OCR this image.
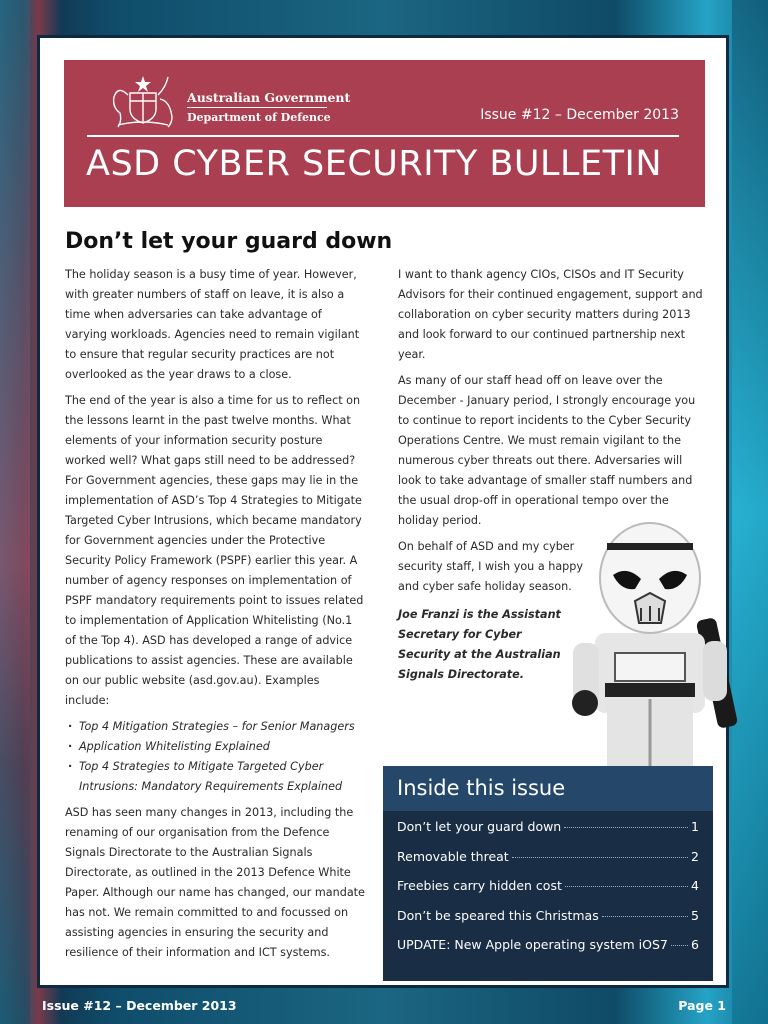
Australian Government
Department of Defence	Issue #12 – December 2013
ASD CYBER SECURITY BULLETIN
Don’t let your guard down

The holiday season is a busy time of year. However, with greater numbers of staff on leave, it is also a time when adversaries can take advantage of varying workloads. Agencies need to remain vigilant to ensure that regular security practices are not overlooked as the year draws to a close.

The end of the year is also a time for us to reflect on the lessons learnt in the past twelve months. What elements of your information security posture worked well? What gaps still need to be addressed? For Government agencies, these gaps may lie in the implementation of ASD’s Top 4 Strategies to Mitigate Targeted Cyber Intrusions, which became mandatory for Government agencies under the Protective Security Policy Framework (PSPF) earlier this year. A number of agency responses on implementation of PSPF mandatory requirements point to issues related to implementation of Application Whitelisting (No.1 of the Top 4). ASD has developed a range of advice publications to assist agencies. These are available on our public website (asd.gov.au). Examples include:

· Top 4 Mitigation Strategies – for Senior Managers
· Application Whitelisting Explained
· Top 4 Strategies to Mitigate Targeted Cyber Intrusions: Mandatory Requirements Explained

ASD has seen many changes in 2013, including the renaming of our organisation from the Defence Signals Directorate to the Australian Signals Directorate, as outlined in the 2013 Defence White Paper. Although our name has changed, our mandate has not. We remain committed to and focussed on assisting agencies in ensuring the security and resilience of their information and ICT systems.

I want to thank agency CIOs, CISOs and IT Security Advisors for their continued engagement, support and collaboration on cyber security matters during 2013 and look forward to our continued partnership next year.

As many of our staff head off on leave over the December - January period, I strongly encourage you to continue to report incidents to the Cyber Security Operations Centre. We must remain vigilant to the numerous cyber threats out there. Adversaries will look to take advantage of smaller staff numbers and the usual drop-off in operational tempo over the holiday period.

On behalf of ASD and my cyber security staff, I wish you a happy and cyber safe holiday season.

Joe Franzi is the Assistant Secretary for Cyber Security at the Australian Signals Directorate.

Inside this issue
Don’t let your guard down	1
Removable threat	2
Freebies carry hidden cost	4
Don’t be speared this Christmas	5
UPDATE: New Apple operating system iOS7 6
Issue #12 – December 2013	Page 1
